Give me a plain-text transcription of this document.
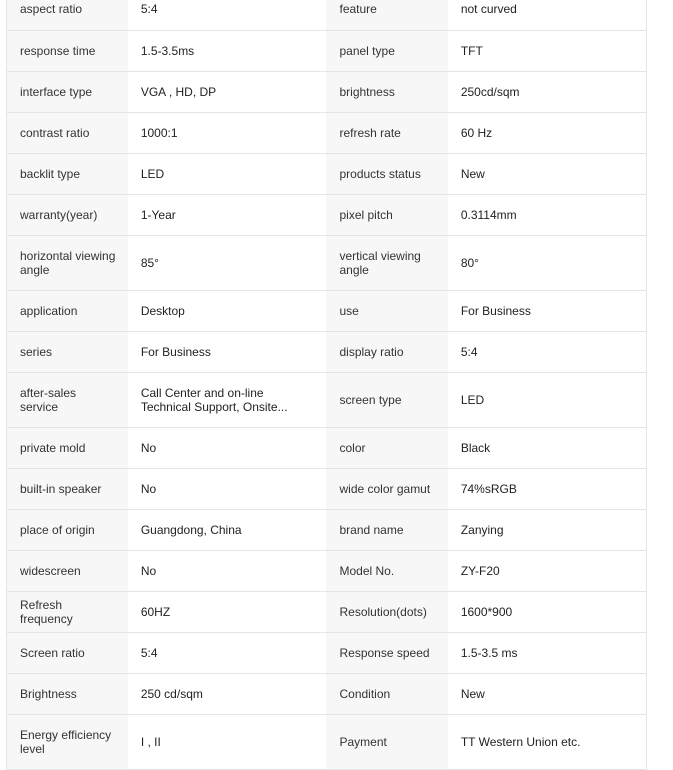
aspect ratio	5:4	feature	not curved

response time	1.5-3.5ms	panel type	TFT

interface type	VGA , HD, DP	brightness	250cd/sqm

contrast ratio	1000:1	refresh rate	60 Hz

backlit type	LED	products status	New

warranty(year)	1-Year	pixel pitch	0.3114mm

horizontal viewing angle	85°	vertical viewing angle	80°

application	Desktop	use	For Business

series	For Business	display ratio	5:4

after-sales service	Call Center and on-line Technical Support, Onsite...	screen type	LED

private mold	No	color	Black

built-in speaker	No	wide color gamut	74%sRGB

place of origin	Guangdong, China	brand name	Zanying

widescreen	No	Model No.	ZY-F20

Refresh frequency	60HZ	Resolution(dots)	1600*900

Screen ratio	5:4	Response speed	1.5-3.5 ms

Brightness	250 cd/sqm	Condition	New

Energy efficiency level	I , II	Payment	TT Western Union etc.
